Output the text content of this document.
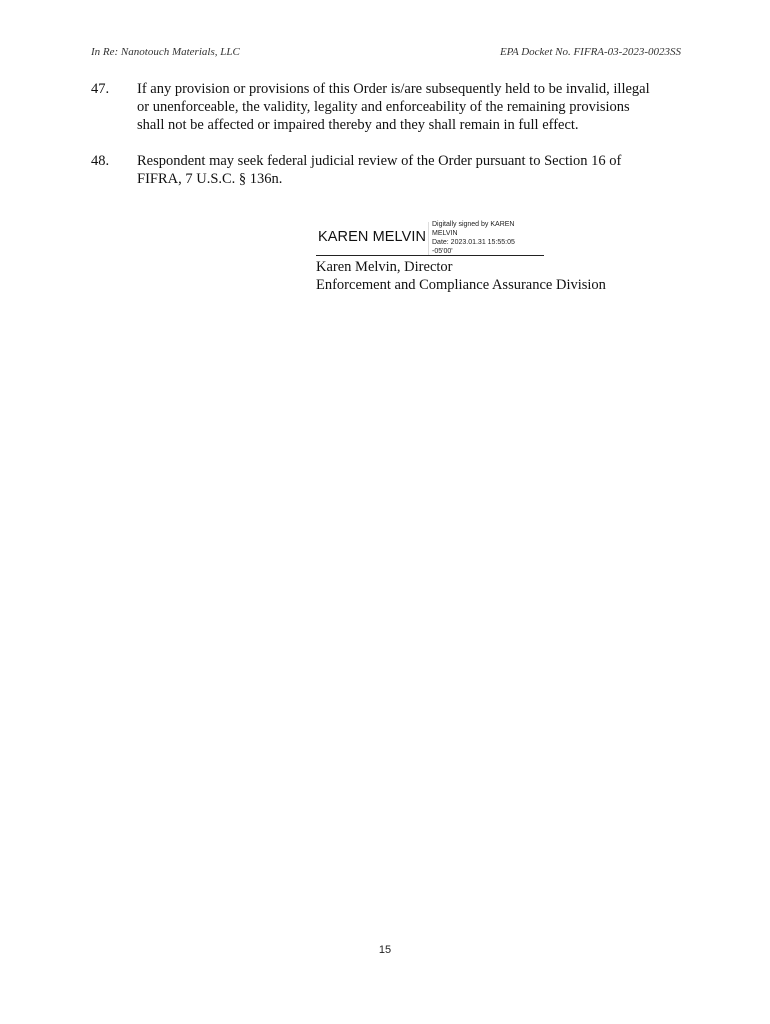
In Re: Nanotouch Materials, LLC	EPA Docket No. FIFRA-03-2023-0023SS
47. If any provision or provisions of this Order is/are subsequently held to be invalid, illegal
or unenforceable, the validity, legality and enforceability of the remaining provisions
shall not be affected or impaired thereby and they shall remain in full effect.
48. Respondent may seek federal judicial review of the Order pursuant to Section 16 of
FIFRA, 7 U.S.C. § 136n.
KAREN MELVIN
Digitally signed by KAREN
MELVIN
Date: 2023.01.31 15:55:05
-05'00'
Karen Melvin, Director
Enforcement and Compliance Assurance Division
15
